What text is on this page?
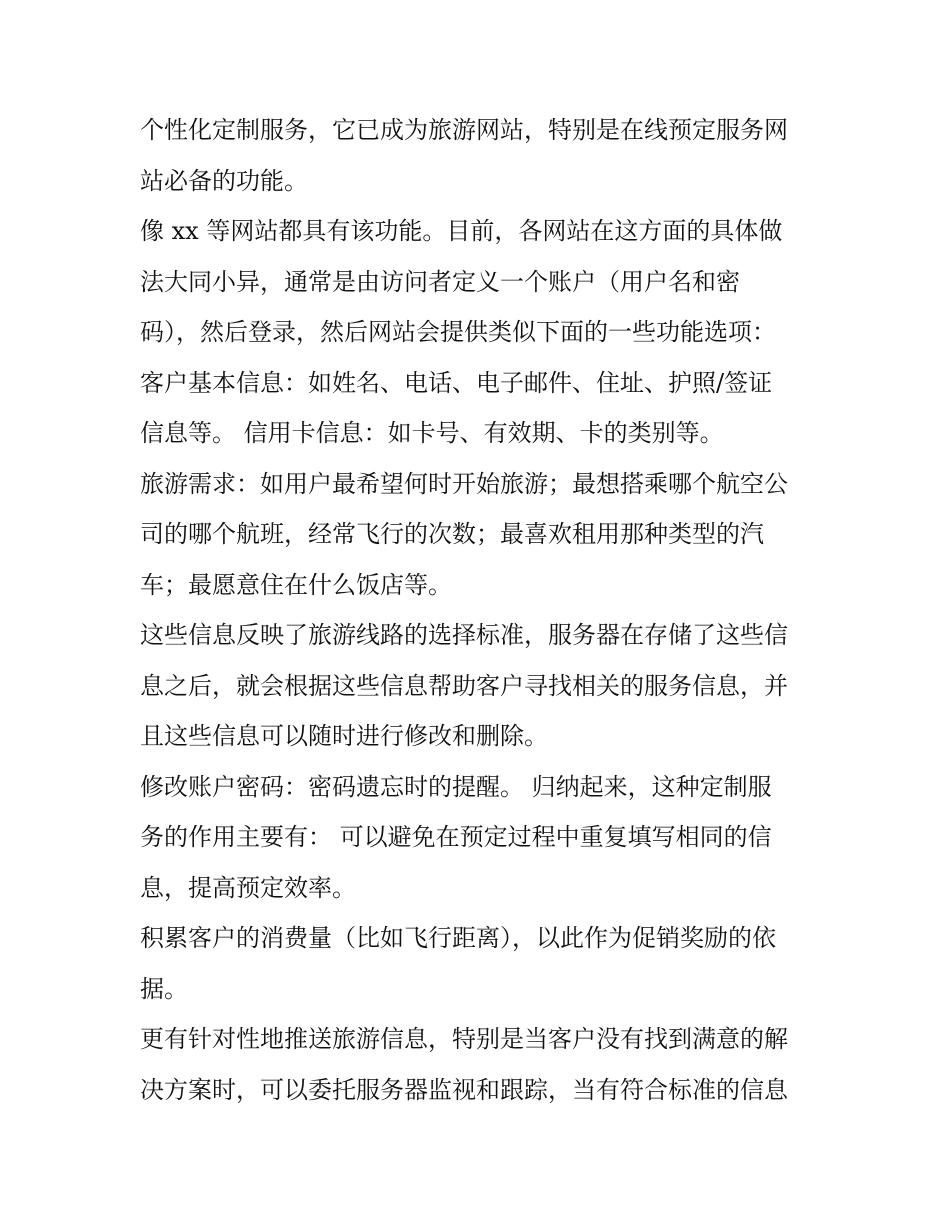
个性化定制服务，它已成为旅游网站，特别是在线预定服务网
站必备的功能。
像 xx 等网站都具有该功能。目前，各网站在这方面的具体做
法大同小异，通常是由访问者定义一个账户（用户名和密
码），然后登录，然后网站会提供类似下面的一些功能选项：
客户基本信息：如姓名、电话、电子邮件、住址、护照/签证
信息等。 信用卡信息：如卡号、有效期、卡的类别等。
旅游需求：如用户最希望何时开始旅游；最想搭乘哪个航空公
司的哪个航班，经常飞行的次数；最喜欢租用那种类型的汽
车；最愿意住在什么饭店等。
这些信息反映了旅游线路的选择标准，服务器在存储了这些信
息之后，就会根据这些信息帮助客户寻找相关的服务信息，并
且这些信息可以随时进行修改和删除。
修改账户密码：密码遗忘时的提醒。 归纳起来，这种定制服
务的作用主要有： 可以避免在预定过程中重复填写相同的信
息，提高预定效率。
积累客户的消费量（比如飞行距离），以此作为促销奖励的依
据。
更有针对性地推送旅游信息，特别是当客户没有找到满意的解
决方案时，可以委托服务器监视和跟踪，当有符合标准的信息
